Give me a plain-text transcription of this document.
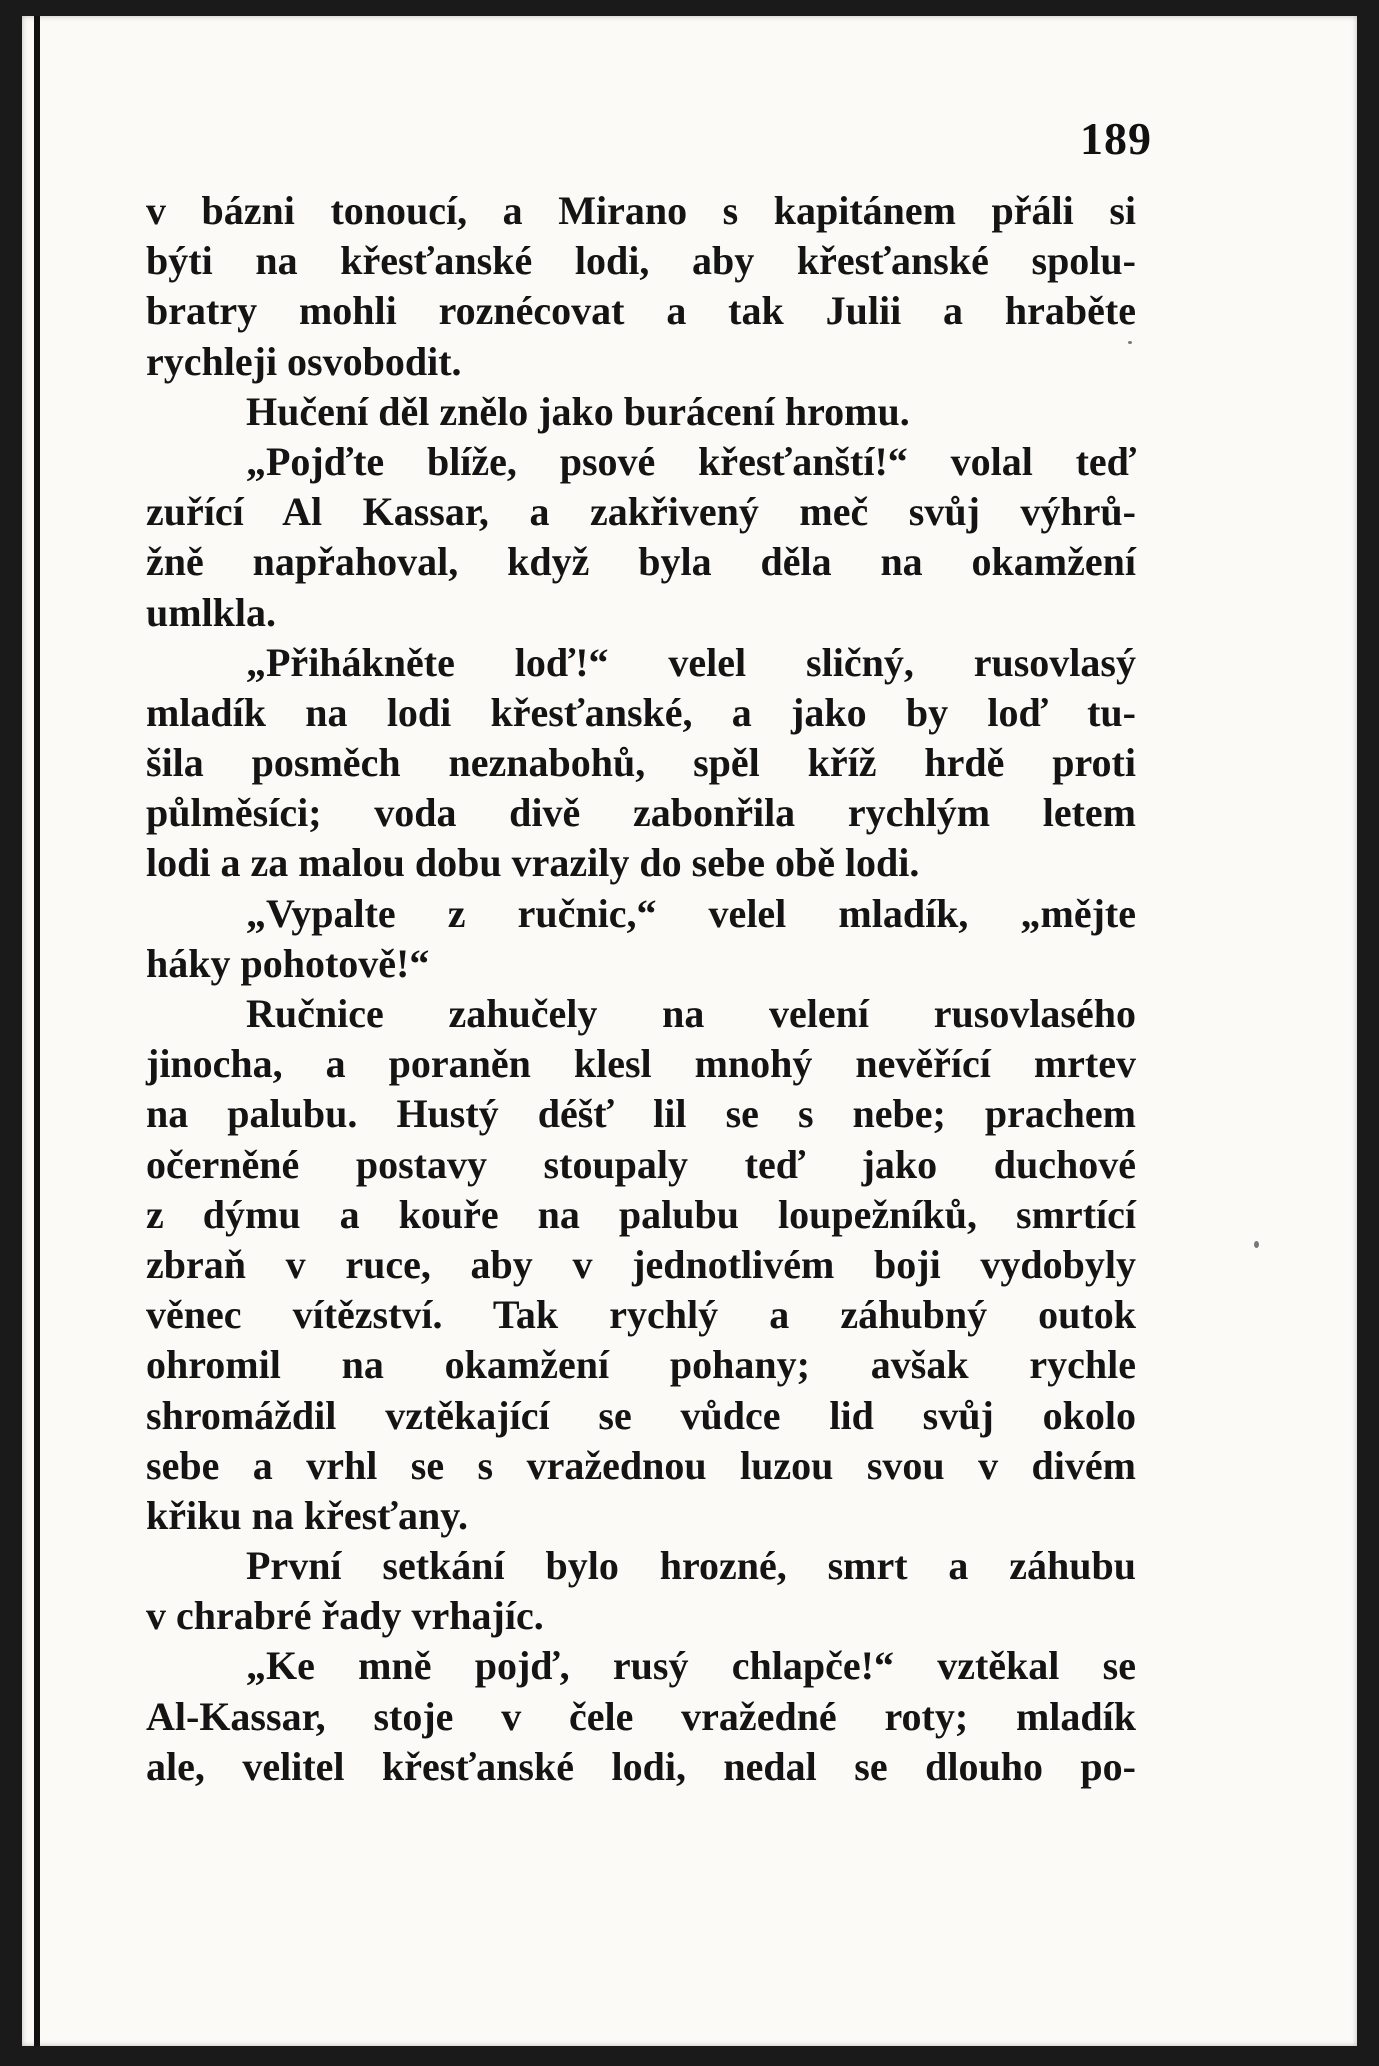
189
v bázni tonoucí, a Mirano s kapitánem přáli si
býti na křesťanské lodi, aby křesťanské spolu-
bratry mohli roznécovat a tak Julii a hraběte
rychleji osvobodit.
Hučení děl znělo jako burácení hromu.
„Pojďte blíže, psové křesťanští!“ volal teď
zuřící Al Kassar, a zakřivený meč svůj výhrů-
žně napřahoval, když byla děla na okamžení
umlkla.
„Přihákněte loď!“ velel sličný, rusovlasý
mladík na lodi křesťanské, a jako by loď tu-
šila posměch neznabohů, spěl kříž hrdě proti
půlměsíci; voda divě zabonřila rychlým letem
lodi a za malou dobu vrazily do sebe obě lodi.
„Vypalte z ručnic,“ velel mladík, „mějte
háky pohotově!“
Ručnice zahučely na velení rusovlasého
jinocha, a poraněn klesl mnohý nevěřící mrtev
na palubu. Hustý déšť lil se s nebe; prachem
očerněné postavy stoupaly teď jako duchové
z dýmu a kouře na palubu loupežníků, smrtící
zbraň v ruce, aby v jednotlivém boji vydobyly
věnec vítězství. Tak rychlý a záhubný outok
ohromil na okamžení pohany; avšak rychle
shromáždil vztěkající se vůdce lid svůj okolo
sebe a vrhl se s vražednou luzou svou v divém
křiku na křesťany.
První setkání bylo hrozné, smrt a záhubu
v chrabré řady vrhajíc.
„Ke mně pojď, rusý chlapče!“ vztěkal se
Al-Kassar, stoje v čele vražedné roty; mladík
ale, velitel křesťanské lodi, nedal se dlouho po-
